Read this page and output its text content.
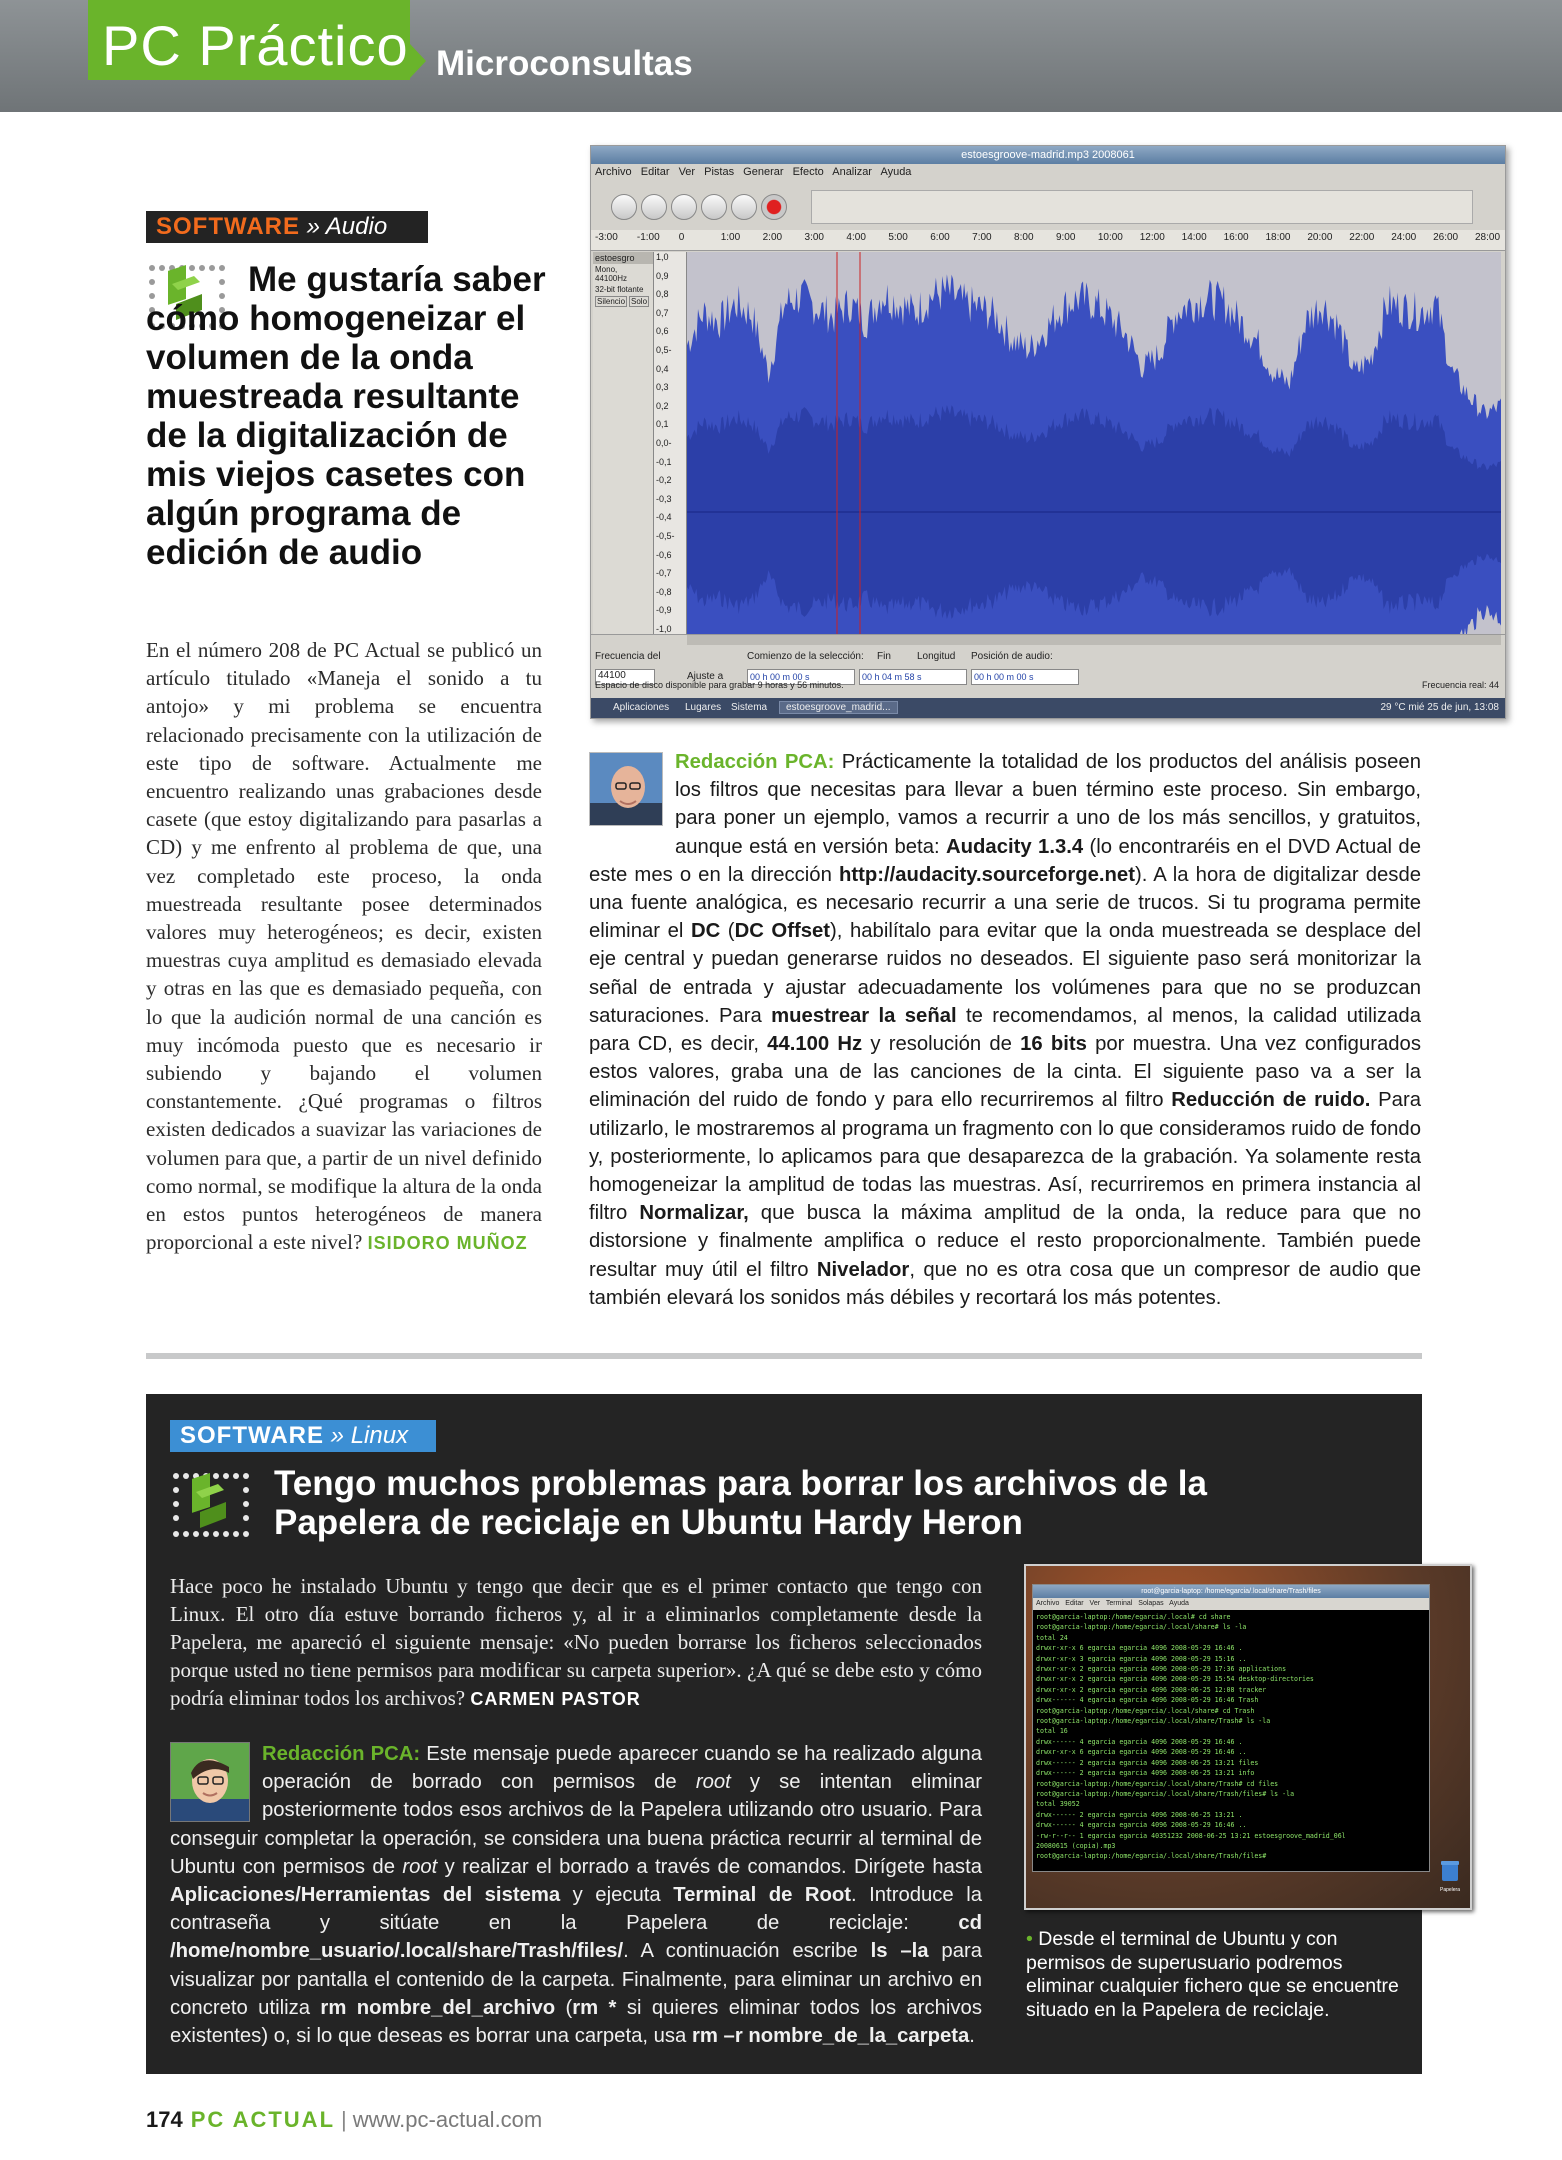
PC Práctico Microconsultas
SOFTWARE » Audio
Me gustaría saber cómo homogeneizar el volumen de la onda muestreada resultante de la digitalización de mis viejos casetes con algún programa de edición de audio
En el número 208 de PC Actual se publicó un artículo titulado «Maneja el sonido a tu antojo» y mi problema se encuentra relacionado precisamente con la utilización de este tipo de software. Actualmente me encuentro realizando unas grabaciones desde casete (que estoy digitalizando para pasarlas a CD) y me enfrento al problema de que, una vez completado este proceso, la onda muestreada resultante posee determinados valores muy heterogéneos; es decir, existen muestras cuya amplitud es demasiado elevada y otras en las que es demasiado pequeña, con lo que la audición normal de una canción es muy incómoda puesto que es necesario ir subiendo y bajando el volumen constantemente. ¿Qué programas o filtros existen dedicados a suavizar las variaciones de volumen para que, a partir de un nivel definido como normal, se modifique la altura de la onda en estos puntos heterogéneos de manera proporcional a este nivel? ISIDORO MUÑOZ
estoesgroove-madrid.mp3 2008061
Archivo Editar Ver Pistas Generar Efecto Analizar Ayuda
-3:00 -1:00 0	1:00 2:00 3:00 4:00 5:00 6:00 7:00 8:00 9:00 10:00 12:00 14:00 16:00 18:00 20:00 22:00 24:00 26:00 28:00
estoesgro
Mono, 44100Hz
32-bit flotante
Silencio Solo
1,0
0,9
0,8
0,7
0,6
0,5-
0,4
0,3
0,2
0,1
0,0-
-0,1
-0,2
-0,3
-0,4
-0,5-
-0,6
-0,7
-0,8
-0,9
-1,0
Frecuencia del
44100
Comienzo de la selección: Fin	Longitud Posición de audio:
Ajuste a	00 h 00 m 00 s	00 h 04 m 58 s	00 h 00 m 00 s
Espacio de disco disponible para grabar 9 horas y 56 minutos.	Frecuencia real: 44
Aplicaciones Lugares Sistema	estoesgroove_madrid...	29 °C mié 25 de jun, 13:08
Redacción PCA: Prácticamente la totalidad de los productos del análisis poseen los filtros que necesitas para llevar a buen término este proceso. Sin embargo, para poner un ejemplo, vamos a recurrir a uno de los más sencillos, y gratuitos, aunque está en versión beta: Audacity 1.3.4 (lo encontraréis en el DVD Actual de este mes o en la dirección http://audacity.sourceforge.net). A la hora de digitalizar desde una fuente analógica, es necesario recurrir a una serie de trucos. Si tu programa permite eliminar el DC (DC Offset), habilítalo para evitar que la onda muestreada se desplace del eje central y puedan generarse ruidos no deseados. El siguiente paso será monitorizar la señal de entrada y ajustar adecuadamente los volúmenes para que no se produzcan saturaciones. Para muestrear la señal te recomendamos, al menos, la calidad utilizada para CD, es decir, 44.100 Hz y resolución de 16 bits por muestra. Una vez configurados estos valores, graba una de las canciones de la cinta. El siguiente paso va a ser la eliminación del ruido de fondo y para ello recurriremos al filtro Reducción de ruido. Para utilizarlo, le mostraremos al programa un fragmento con lo que consideramos ruido de fondo y, posteriormente, lo aplicamos para que desaparezca de la grabación. Ya solamente resta homogeneizar la amplitud de todas las muestras. Así, recurriremos en primera instancia al filtro Normalizar, que busca la máxima amplitud de la onda, la reduce para que no distorsione y finalmente amplifica o reduce el resto proporcionalmente. También puede resultar muy útil el filtro Nivelador, que no es otra cosa que un compresor de audio que también elevará los sonidos más débiles y recortará los más potentes.
SOFTWARE » Linux
Tengo muchos problemas para borrar los archivos de la Papelera de reciclaje en Ubuntu Hardy Heron
Hace poco he instalado Ubuntu y tengo que decir que es el primer contacto que tengo con Linux. El otro día estuve borrando ficheros y, al ir a eliminarlos completamente desde la Papelera, me apareció el siguiente mensaje: «No pueden borrarse los ficheros seleccionados porque usted no tiene permisos para modificar su carpeta superior». ¿A qué se debe esto y cómo podría eliminar todos los archivos? CARMEN PASTOR
Redacción PCA: Este mensaje puede aparecer cuando se ha realizado alguna operación de borrado con permisos de root y se intentan eliminar posteriormente todos esos archivos de la Papelera utilizando otro usuario. Para conseguir completar la operación, se considera una buena práctica recurrir al terminal de Ubuntu con permisos de root y realizar el borrado a través de comandos. Dirígete hasta Aplicaciones/Herramientas del sistema y ejecuta Terminal de Root. Introduce la contraseña y sitúate en la Papelera de reciclaje: cd /home/nombre_usuario/.local/share/Trash/files/. A continuación escribe ls –la para visualizar por pantalla el contenido de la carpeta. Finalmente, para eliminar un archivo en concreto utiliza rm nombre_del_archivo (rm * si quieres eliminar todos los archivos existentes) o, si lo que deseas es borrar una carpeta, usa rm –r nombre_de_la_carpeta.
root@garcia-laptop: /home/egarcia/.local/share/Trash/files
Archivo Editar Ver Terminal Solapas Ayuda
root@garcia-laptop:/home/egarcia/.local# cd share
root@garcia-laptop:/home/egarcia/.local/share# ls -la
total 24
drwxr-xr-x 6 egarcia egarcia 4096 2008-05-29 16:46 .
drwxr-xr-x 3 egarcia egarcia 4096 2008-05-29 15:16 ..
drwxr-xr-x 2 egarcia egarcia 4096 2008-05-29 17:36 applications
drwxr-xr-x 2 egarcia egarcia 4096 2008-05-29 15:54 desktop-directories
drwxr-xr-x 2 egarcia egarcia 4096 2008-06-25 12:08 tracker
drwx------ 4 egarcia egarcia 4096 2008-05-29 16:46 Trash
root@garcia-laptop:/home/egarcia/.local/share# cd Trash
root@garcia-laptop:/home/egarcia/.local/share/Trash# ls -la
total 16
drwx------ 4 egarcia egarcia 4096 2008-05-29 16:46 .
drwxr-xr-x 6 egarcia egarcia 4096 2008-05-29 16:46 ..
drwx------ 2 egarcia egarcia 4096 2008-06-25 13:21 files
drwx------ 2 egarcia egarcia 4096 2008-06-25 13:21 info
root@garcia-laptop:/home/egarcia/.local/share/Trash# cd files
root@garcia-laptop:/home/egarcia/.local/share/Trash/files# ls -la
total 39052
drwx------ 2 egarcia egarcia 4096 2008-06-25 13:21 .
drwx------ 4 egarcia egarcia 4096 2008-05-29 16:46 ..
-rw-r--r-- 1 egarcia egarcia 40351232 2008-06-25 13:21 estoesgroove_madrid_06l
20080615 (copia).mp3
root@garcia-laptop:/home/egarcia/.local/share/Trash/files#
Papelera
• Desde el terminal de Ubuntu y con permisos de superusuario podremos eliminar cualquier fichero que se encuentre situado en la Papelera de reciclaje.
174 PC ACTUAL | www.pc-actual.com
